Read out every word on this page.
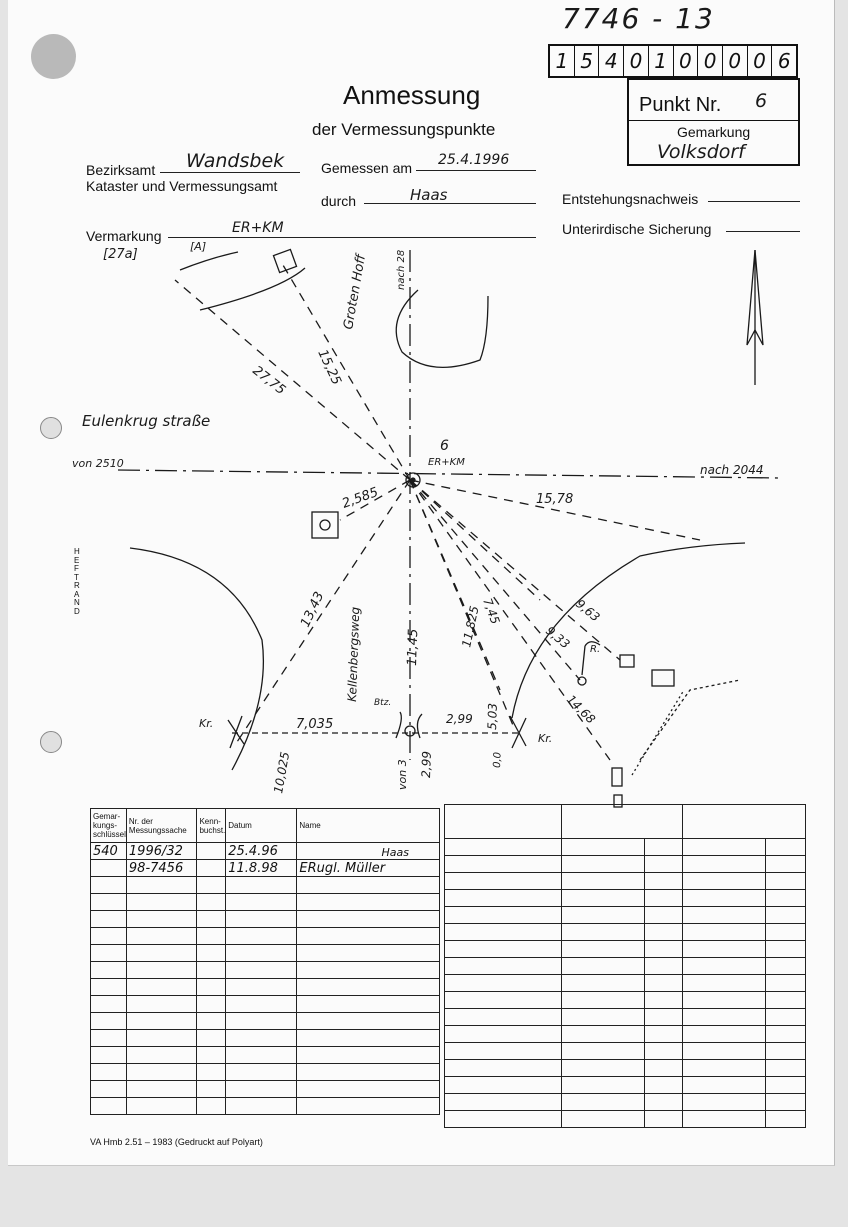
7746 - 13
1 5 4 0 1 0 0 0 0 6
Punkt Nr. 6
Gemarkung
Volksdorf
Anmessung
der Vermessungspunkte
Bezirksamt Wandsbek
Kataster und Vermessungsamt
Gemessen am 25.4.1996
durch	Haas	Entstehungsnachweis
Vermarkung	ER+KM	Unterirdische Sicherung
HEFTRAND
6
ER+KM
Eulenkrug straße
von 2510	nach 2044
nach 28
Groten Hoff
Kellenbergsweg
[27a]
[A]
Btz.
Kr.
Kr.
R.
von 3
27,75 15,25
2,585	15,78
13,43
11,45	11,825
7,45	9,63
9,33
14,68
7,035	2,99 5,03
10,025	2,99	0,0
Gemar-kungs-schlüssel	Nr. der Messungssache	Kenn-buchst.	Datum	Name
540	1996/32		25.4.96	Haas
	98-7456		11.8.98	ERugl. Müller

VA Hmb 2.51 – 1983 (Gedruckt auf Polyart)
